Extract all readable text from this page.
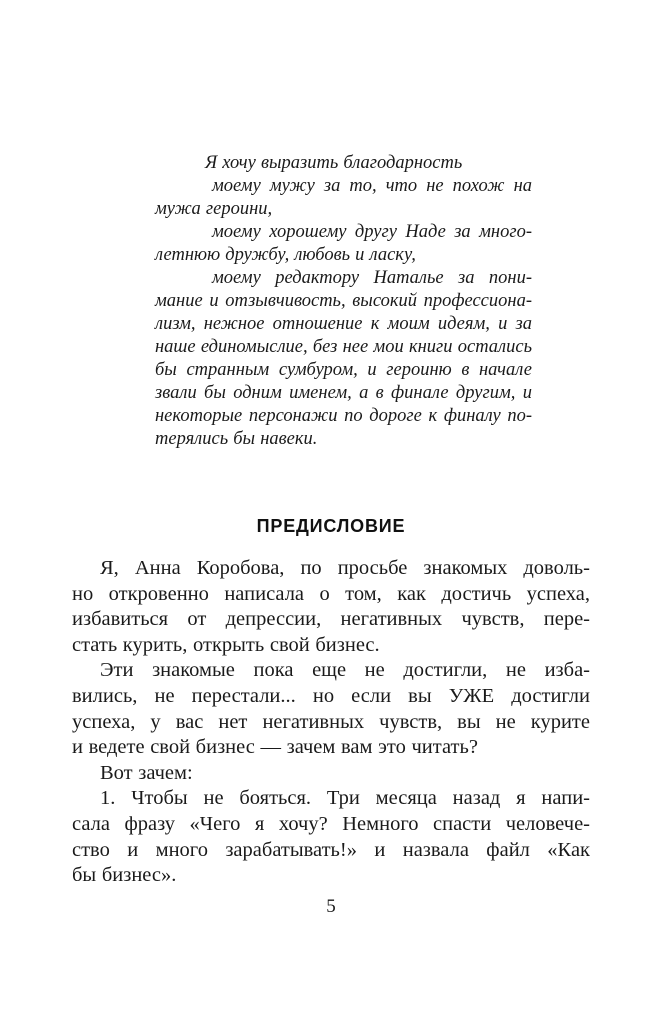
Я хочу выразить благодарность
моему мужу за то, что не похож на
мужа героини,
моему хорошему другу Наде за много-
летнюю дружбу, любовь и ласку,
моему редактору Наталье за пони-
мание и отзывчивость, высокий профессиона-
лизм, нежное отношение к моим идеям, и за
наше единомыслие, без нее мои книги остались
бы странным сумбуром, и героиню в начале
звали бы одним именем, а в финале другим, и
некоторые персонажи по дороге к финалу по-
терялись бы навеки.
ПРЕДИСЛОВИЕ
Я, Анна Коробова, по просьбе знакомых доволь-
но откровенно написала о том, как достичь успеха,
избавиться от депрессии, негативных чувств, пере-
стать курить, открыть свой бизнес.
Эти знакомые пока еще не достигли, не изба-
вились, не перестали... но если вы УЖЕ достигли
успеха, у вас нет негативных чувств, вы не курите
и ведете свой бизнес — зачем вам это читать?
Вот зачем:
1. Чтобы не бояться. Три месяца назад я напи-
сала фразу «Чего я хочу? Немного спасти человече-
ство и много зарабатывать!» и назвала файл «Как
бы бизнес».
5
